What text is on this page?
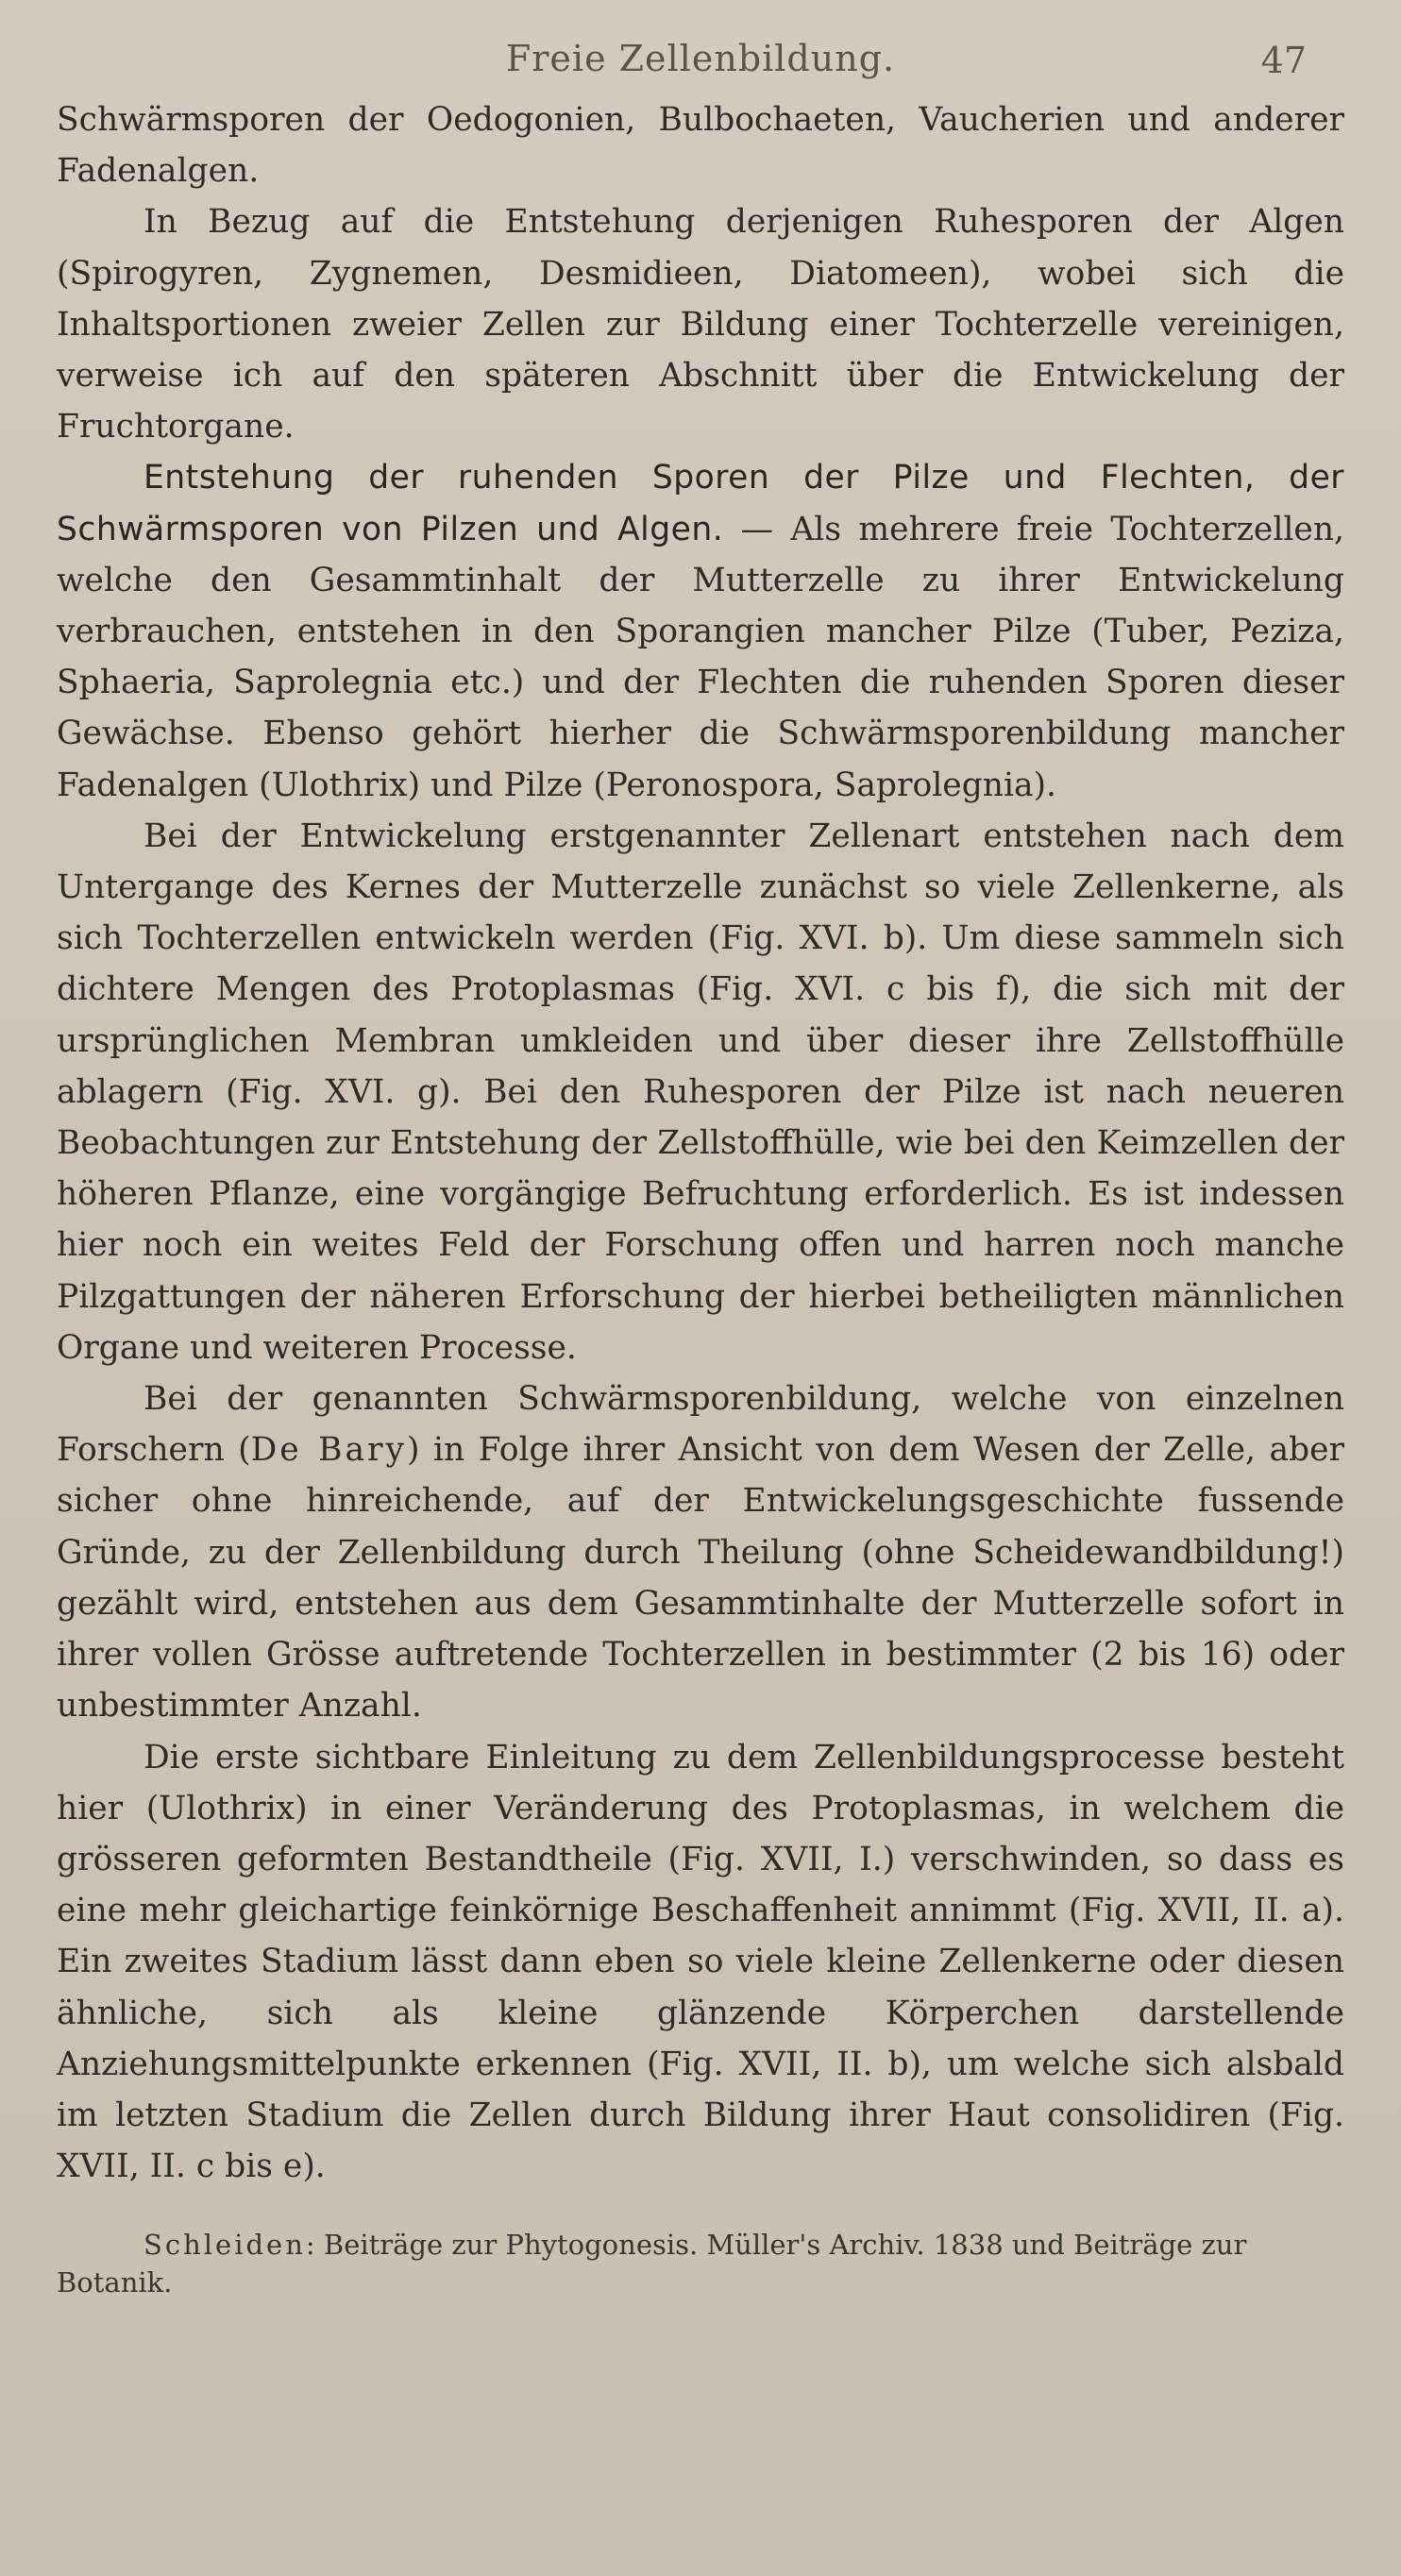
Freie Zellenbildung.	47

Schwärmsporen der Oedogonien, Bulbochaeten, Vaucherien und anderer Fadenalgen.

In Bezug auf die Entstehung derjenigen Ruhesporen der Algen (Spirogyren, Zygnemen, Desmidieen, Diatomeen), wobei sich die Inhaltsportionen zweier Zellen zur Bildung einer Tochterzelle vereinigen, verweise ich auf den späteren Abschnitt über die Entwickelung der Fruchtorgane.

Entstehung der ruhenden Sporen der Pilze und Flechten, der Schwärmsporen von Pilzen und Algen. — Als mehrere freie Tochterzellen, welche den Gesammtinhalt der Mutterzelle zu ihrer Entwickelung verbrauchen, entstehen in den Sporangien mancher Pilze (Tuber, Peziza, Sphaeria, Saprolegnia etc.) und der Flechten die ruhenden Sporen dieser Gewächse. Ebenso gehört hierher die Schwärmsporenbildung mancher Fadenalgen (Ulothrix) und Pilze (Peronospora, Saprolegnia).

Bei der Entwickelung erstgenannter Zellenart entstehen nach dem Untergange des Kernes der Mutterzelle zunächst so viele Zellenkerne, als sich Tochterzellen entwickeln werden (Fig. XVI. b). Um diese sammeln sich dichtere Mengen des Protoplasmas (Fig. XVI. c bis f), die sich mit der ursprünglichen Membran umkleiden und über dieser ihre Zellstoffhülle ablagern (Fig. XVI. g). Bei den Ruhesporen der Pilze ist nach neueren Beobachtungen zur Entstehung der Zellstoffhülle, wie bei den Keimzellen der höheren Pflanze, eine vorgängige Befruchtung erforderlich. Es ist indessen hier noch ein weites Feld der Forschung offen und harren noch manche Pilzgattungen der näheren Erforschung der hierbei betheiligten männlichen Organe und weiteren Processe.

Bei der genannten Schwärmsporenbildung, welche von einzelnen Forschern (De Bary) in Folge ihrer Ansicht von dem Wesen der Zelle, aber sicher ohne hinreichende, auf der Entwickelungsgeschichte fussende Gründe, zu der Zellenbildung durch Theilung (ohne Scheidewandbildung!) gezählt wird, entstehen aus dem Gesammtinhalte der Mutterzelle sofort in ihrer vollen Grösse auftretende Tochterzellen in bestimmter (2 bis 16) oder unbestimmter Anzahl.

Die erste sichtbare Einleitung zu dem Zellenbildungsprocesse besteht hier (Ulothrix) in einer Veränderung des Protoplasmas, in welchem die grösseren geformten Bestandtheile (Fig. XVII, I.) verschwinden, so dass es eine mehr gleichartige feinkörnige Beschaffenheit annimmt (Fig. XVII, II. a). Ein zweites Stadium lässt dann eben so viele kleine Zellenkerne oder diesen ähnliche, sich als kleine glänzende Körperchen darstellende Anziehungsmittelpunkte erkennen (Fig. XVII, II. b), um welche sich alsbald im letzten Stadium die Zellen durch Bildung ihrer Haut consolidiren (Fig. XVII, II. c bis e).

Schleiden: Beiträge zur Phytogonesis. Müller's Archiv. 1838 und Beiträge zur Botanik.
